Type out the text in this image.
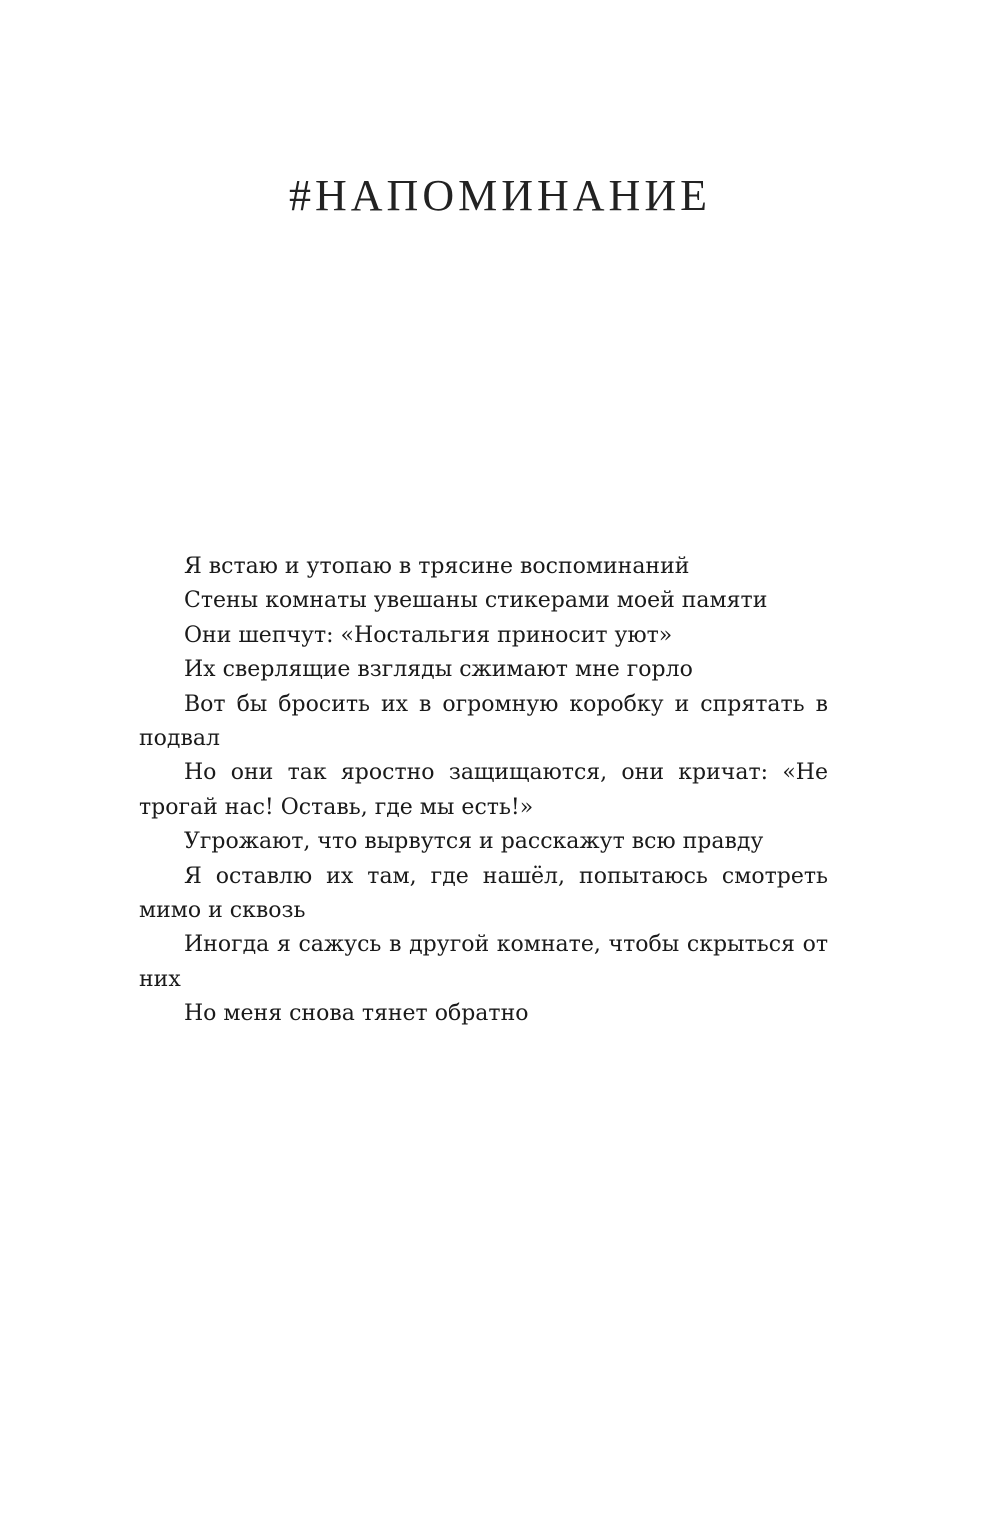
#НАПОМИНАНИЕ

Я встаю и утопаю в трясине воспоминаний

Стены комнаты увешаны стикерами моей памяти

Они шепчут: «Ностальгия приносит уют»

Их сверлящие взгляды сжимают мне горло

Вот бы бросить их в огромную коробку и спрятать в подвал

Но они так яростно защищаются, они кричат: «Не трогай нас! Оставь, где мы есть!»

Угрожают, что вырвутся и расскажут всю правду

Я оставлю их там, где нашёл, попытаюсь смотреть мимо и сквозь

Иногда я сажусь в другой комнате, чтобы скрыться от них

Но меня снова тянет обратно
